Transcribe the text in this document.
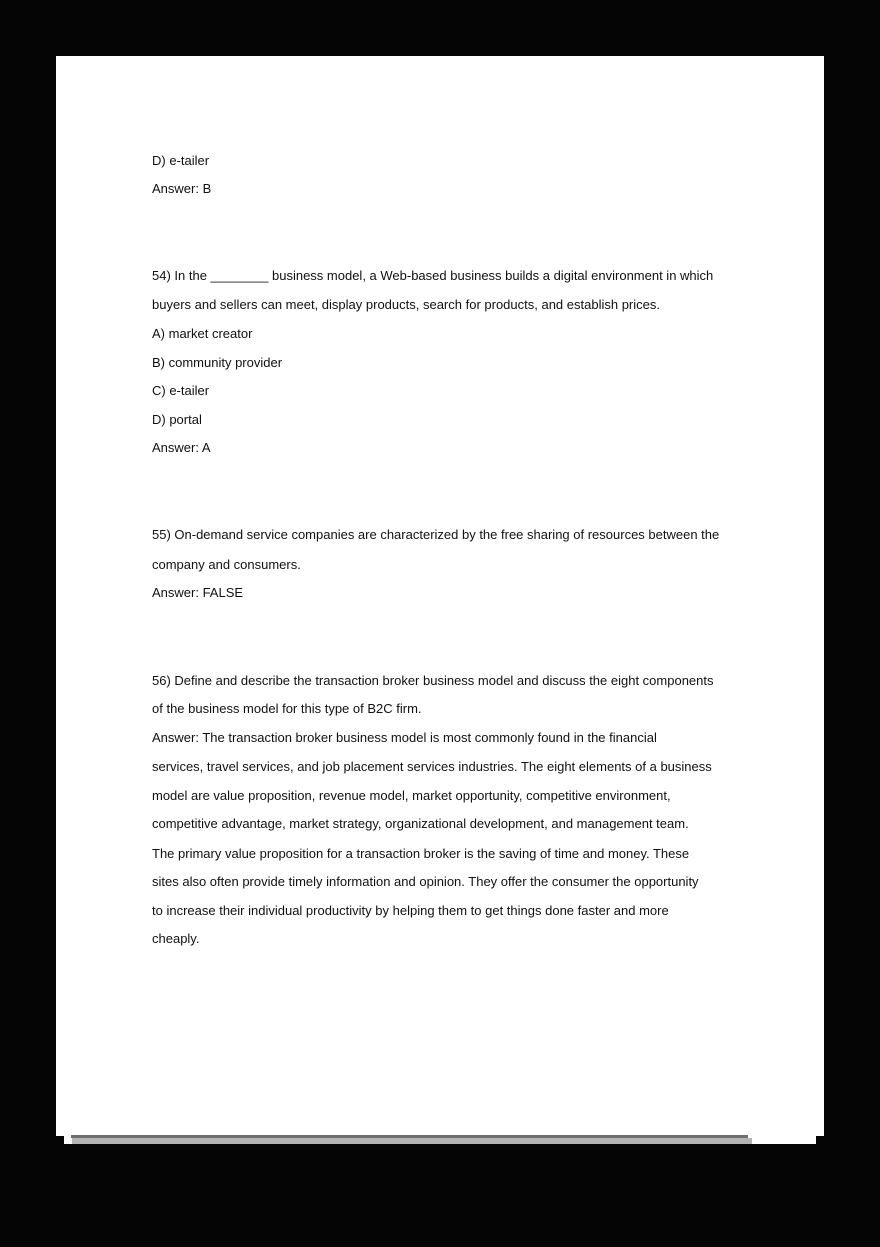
D) e-tailer
Answer: B
54) In the ________ business model, a Web-based business builds a digital environment in which
buyers and sellers can meet, display products, search for products, and establish prices.
A) market creator
B) community provider
C) e-tailer
D) portal
Answer: A
55) On-demand service companies are characterized by the free sharing of resources between the
company and consumers.
Answer: FALSE
56) Define and describe the transaction broker business model and discuss the eight components
of the business model for this type of B2C firm.
Answer: The transaction broker business model is most commonly found in the financial
services, travel services, and job placement services industries. The eight elements of a business
model are value proposition, revenue model, market opportunity, competitive environment,
competitive advantage, market strategy, organizational development, and management team.
The primary value proposition for a transaction broker is the saving of time and money. These
sites also often provide timely information and opinion. They offer the consumer the opportunity
to increase their individual productivity by helping them to get things done faster and more
cheaply.
